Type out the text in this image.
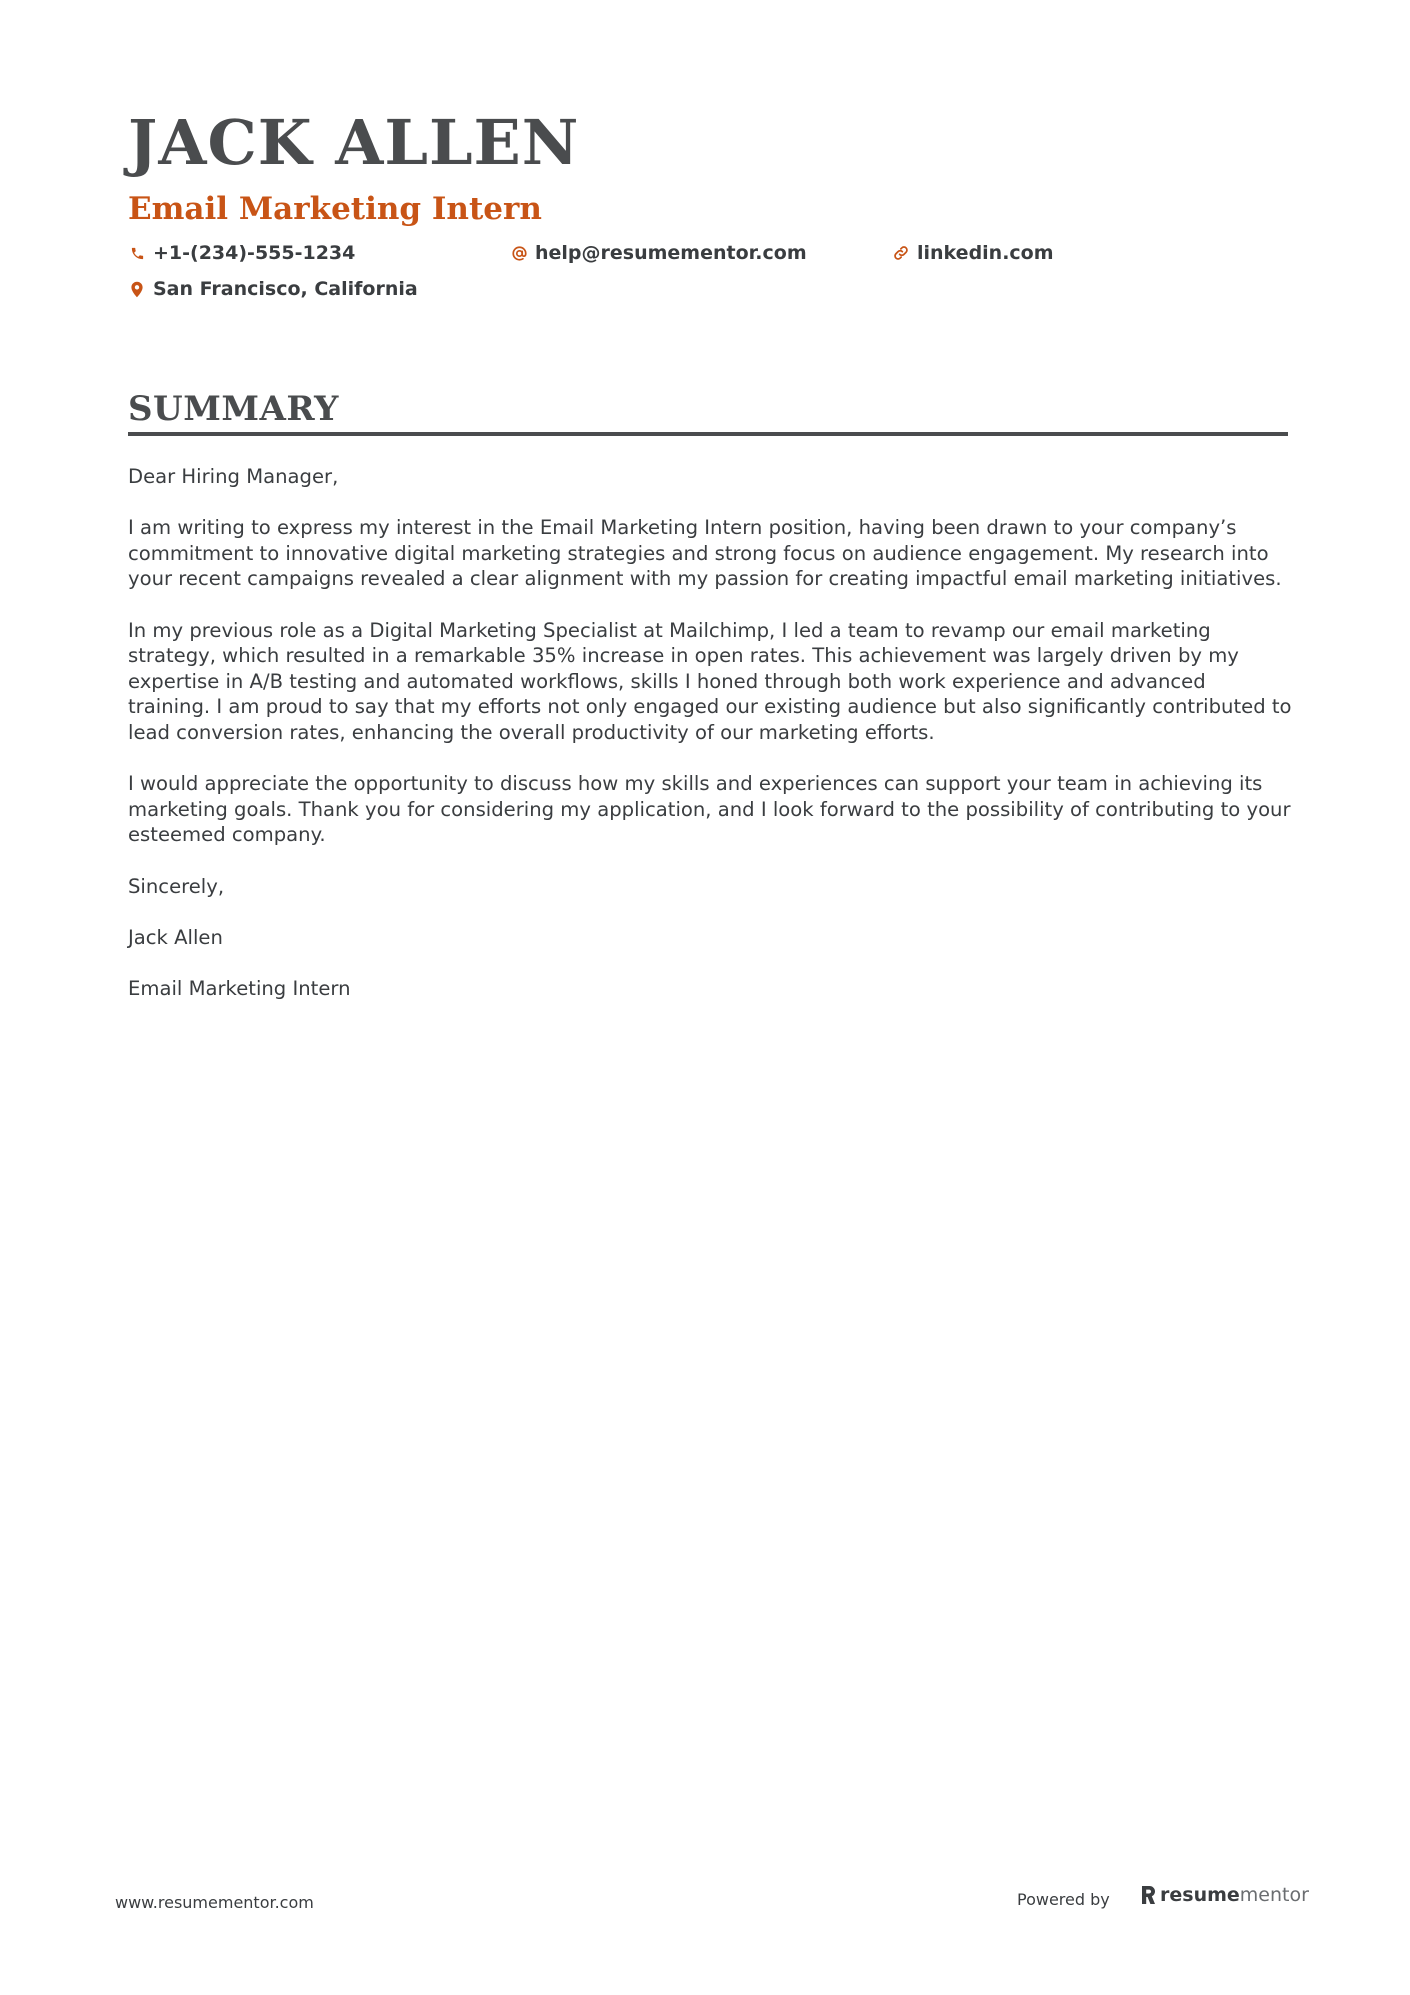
JACK ALLEN
Email Marketing Intern
+1-(234)-555-1234	help@resumementor.com	linkedin.com
San Francisco, California
SUMMARY

Dear Hiring Manager,

I am writing to express my interest in the Email Marketing Intern position, having been drawn to your company’s commitment to innovative digital marketing strategies and strong focus on audience engagement. My research into your recent campaigns revealed a clear alignment with my passion for creating impactful email marketing initiatives.

In my previous role as a Digital Marketing Specialist at Mailchimp, I led a team to revamp our email marketing strategy, which resulted in a remarkable 35% increase in open rates. This achievement was largely driven by my expertise in A/B testing and automated workflows, skills I honed through both work experience and advanced training. I am proud to say that my efforts not only engaged our existing audience but also significantly contributed to lead conversion rates, enhancing the overall productivity of our marketing efforts.

I would appreciate the opportunity to discuss how my skills and experiences can support your team in achieving its marketing goals. Thank you for considering my application, and I look forward to the possibility of contributing to your esteemed company.

Sincerely,

Jack Allen

Email Marketing Intern

www.resumementor.com	Powered by	resume mentor
